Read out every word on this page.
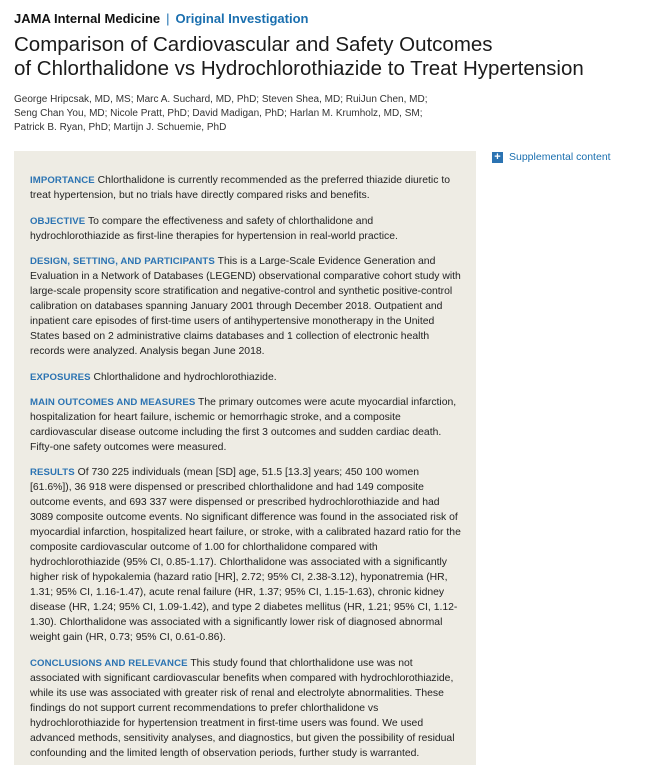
JAMA Internal Medicine | Original Investigation
Comparison of Cardiovascular and Safety Outcomes
of Chlorthalidone vs Hydrochlorothiazide to Treat Hypertension
George Hripcsak, MD, MS; Marc A. Suchard, MD, PhD; Steven Shea, MD; RuiJun Chen, MD;
Seng Chan You, MD; Nicole Pratt, PhD; David Madigan, PhD; Harlan M. Krumholz, MD, SM;
Patrick B. Ryan, PhD; Martijn J. Schuemie, PhD

IMPORTANCE Chlorthalidone is currently recommended as the preferred thiazide diuretic to treat hypertension, but no trials have directly compared risks and benefits.

OBJECTIVE To compare the effectiveness and safety of chlorthalidone and hydrochlorothiazide as first-line therapies for hypertension in real-world practice.

DESIGN, SETTING, AND PARTICIPANTS This is a Large-Scale Evidence Generation and Evaluation in a Network of Databases (LEGEND) observational comparative cohort study with large-scale propensity score stratification and negative-control and synthetic positive-control calibration on databases spanning January 2001 through December 2018. Outpatient and inpatient care episodes of first-time users of antihypertensive monotherapy in the United States based on 2 administrative claims databases and 1 collection of electronic health records were analyzed. Analysis began June 2018.

EXPOSURES Chlorthalidone and hydrochlorothiazide.

MAIN OUTCOMES AND MEASURES The primary outcomes were acute myocardial infarction, hospitalization for heart failure, ischemic or hemorrhagic stroke, and a composite cardiovascular disease outcome including the first 3 outcomes and sudden cardiac death. Fifty-one safety outcomes were measured.

RESULTS Of 730 225 individuals (mean [SD] age, 51.5 [13.3] years; 450 100 women [61.6%]), 36 918 were dispensed or prescribed chlorthalidone and had 149 composite outcome events, and 693 337 were dispensed or prescribed hydrochlorothiazide and had 3089 composite outcome events. No significant difference was found in the associated risk of myocardial infarction, hospitalized heart failure, or stroke, with a calibrated hazard ratio for the composite cardiovascular outcome of 1.00 for chlorthalidone compared with hydrochlorothiazide (95% CI, 0.85-1.17). Chlorthalidone was associated with a significantly higher risk of hypokalemia (hazard ratio [HR], 2.72; 95% CI, 2.38-3.12), hyponatremia (HR, 1.31; 95% CI, 1.16-1.47), acute renal failure (HR, 1.37; 95% CI, 1.15-1.63), chronic kidney disease (HR, 1.24; 95% CI, 1.09-1.42), and type 2 diabetes mellitus (HR, 1.21; 95% CI, 1.12-1.30). Chlorthalidone was associated with a significantly lower risk of diagnosed abnormal weight gain (HR, 0.73; 95% CI, 0.61-0.86).

CONCLUSIONS AND RELEVANCE This study found that chlorthalidone use was not associated with significant cardiovascular benefits when compared with hydrochlorothiazide, while its use was associated with greater risk of renal and electrolyte abnormalities. These findings do not support current recommendations to prefer chlorthalidone vs hydrochlorothiazide for hypertension treatment in first-time users was found. We used advanced methods, sensitivity analyses, and diagnostics, but given the possibility of residual confounding and the limited length of observation periods, further study is warranted.

+ Supplemental content
